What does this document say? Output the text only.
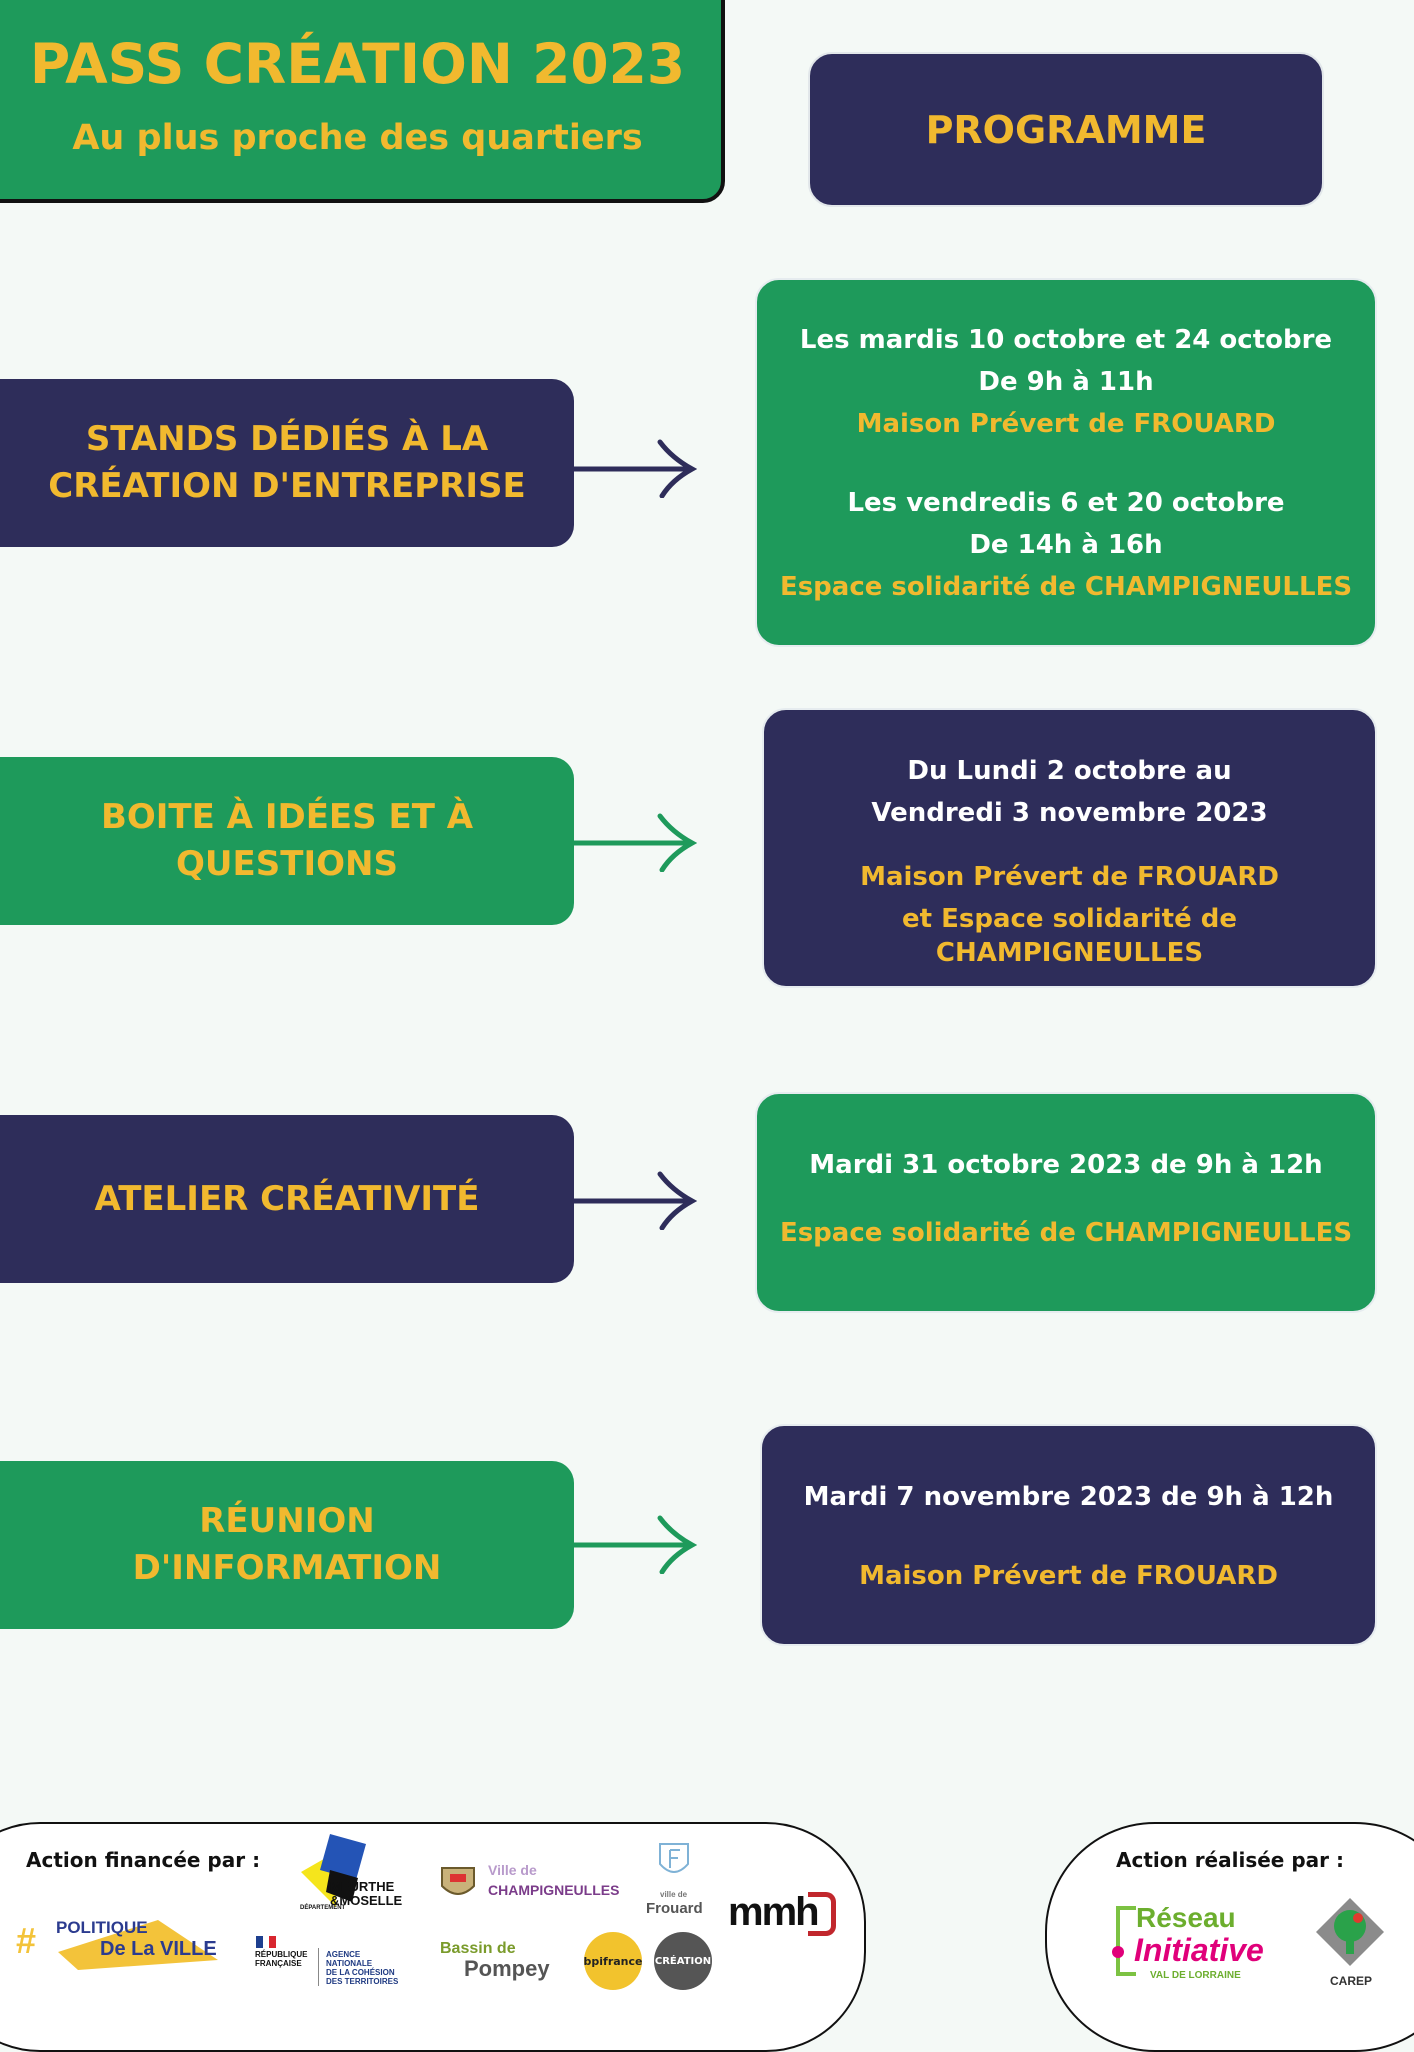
PASS CRÉATION 2023
Au plus proche des quartiers	PROGRAMME
STANDS DÉDIÉS À LA
CRÉATION D'ENTREPRISE
Les mardis 10 octobre et 24 octobre
De 9h à 11h
Maison Prévert de FROUARD
Les vendredis 6 et 20 octobre
De 14h à 16h
Espace solidarité de CHAMPIGNEULLES
BOITE À IDÉES ET À
QUESTIONS
Du Lundi 2 octobre au
Vendredi 3 novembre 2023
Maison Prévert de FROUARD
et Espace solidarité de CHAMPIGNEULLES
ATELIER CRÉATIVITÉ
Mardi 31 octobre 2023 de 9h à 12h
Espace solidarité de CHAMPIGNEULLES
RÉUNION
D'INFORMATION
Mardi 7 novembre 2023 de 9h à 12h
Maison Prévert de FROUARD
Action financée par :
# POLITIQUE
De La VILLE
MEURTHE
&MOSELLE
DÉPARTEMENT
RÉPUBLIQUE
FRANÇAISE
AGENCE
NATIONALE
DE LA COHÉSION
DES TERRITOIRES
Ville de
CHAMPIGNEULLES
Bassin de
Pompey
ville de
Frouard
bpifrance CRÉATION
mmh
Action réalisée par :
Réseau
Initiative
VAL DE LORRAINE	CAREP
